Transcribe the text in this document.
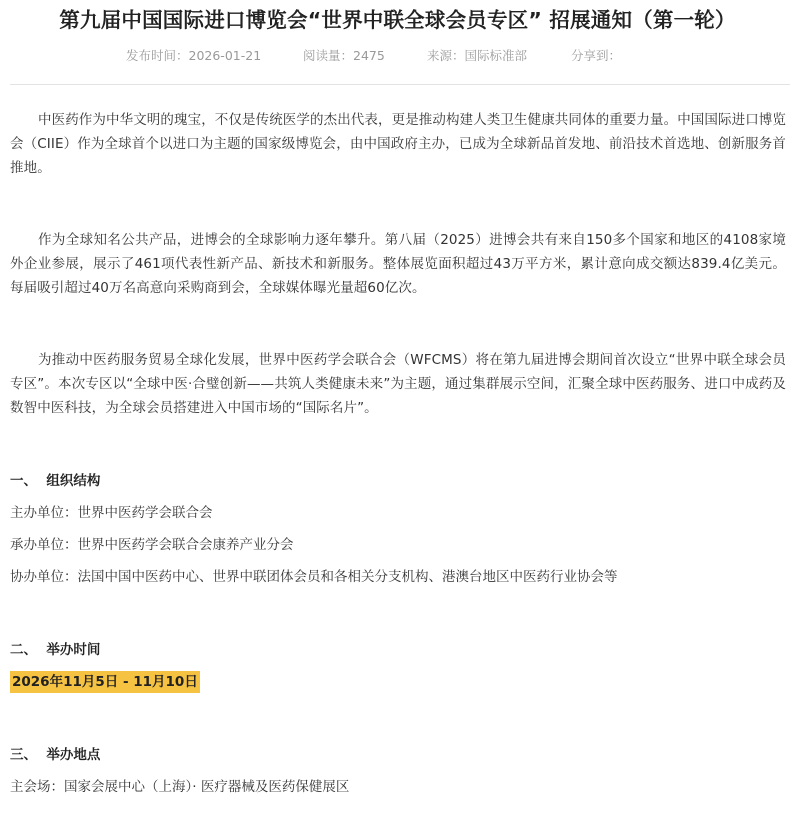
第九届中国国际进口博览会“世界中联全球会员专区” 招展通知（第一轮）
发布时间：2026-01-21	阅读量：2475	来源：国际标准部	分享到：

中医药作为中华文明的瑰宝，不仅是传统医学的杰出代表，更是推动构建人类卫生健康共同体的重要力量。中国国际进口博览会（CIIE）作为全球首个以进口为主题的国家级博览会，由中国政府主办，已成为全球新品首发地、前沿技术首选地、创新服务首推地。

作为全球知名公共产品，进博会的全球影响力逐年攀升。第八届（2025）进博会共有来自150多个国家和地区的4108家境外企业参展，展示了461项代表性新产品、新技术和新服务。整体展览面积超过43万平方米，累计意向成交额达839.4亿美元。每届吸引超过40万名高意向采购商到会，全球媒体曝光量超60亿次。

为推动中医药服务贸易全球化发展，世界中医药学会联合会（WFCMS）将在第九届进博会期间首次设立“世界中联全球会员专区”。本次专区以“全球中医·合璧创新——共筑人类健康未来”为主题，通过集群展示空间，汇聚全球中医药服务、进口中成药及数智中医科技，为全球会员搭建进入中国市场的“国际名片”。

一、  组织结构
主办单位：世界中医药学会联合会
承办单位：世界中医药学会联合会康养产业分会
协办单位：法国中国中医药中心、世界中联团体会员和各相关分支机构、港澳台地区中医药行业协会等
二、  举办时间
2026年11月5日 - 11月10日
三、  举办地点
主会场：国家会展中心（上海）· 医疗器械及医药保健展区
